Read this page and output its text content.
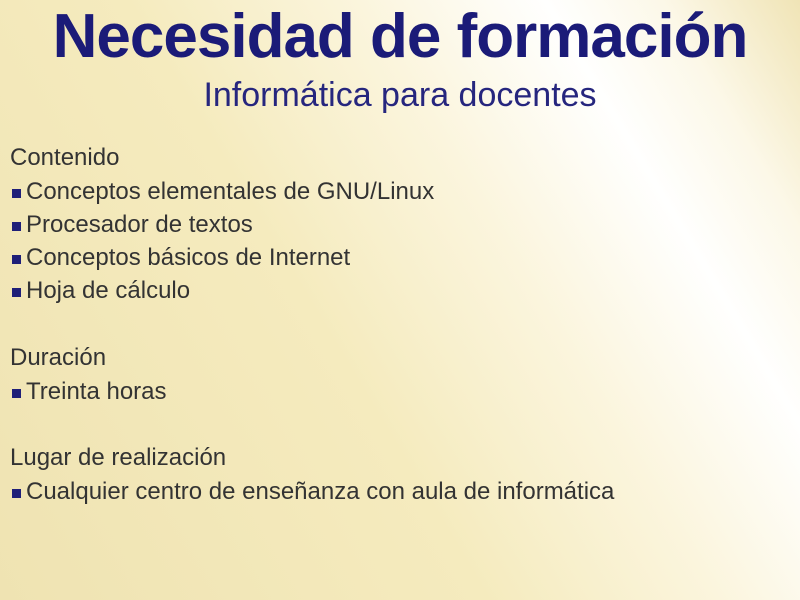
Necesidad de formación
Informática para docentes
Contenido
Conceptos elementales de GNU/Linux
Procesador de textos
Conceptos básicos de Internet
Hoja de cálculo
Duración
Treinta horas
Lugar de realización
Cualquier centro de enseñanza con aula de informática
